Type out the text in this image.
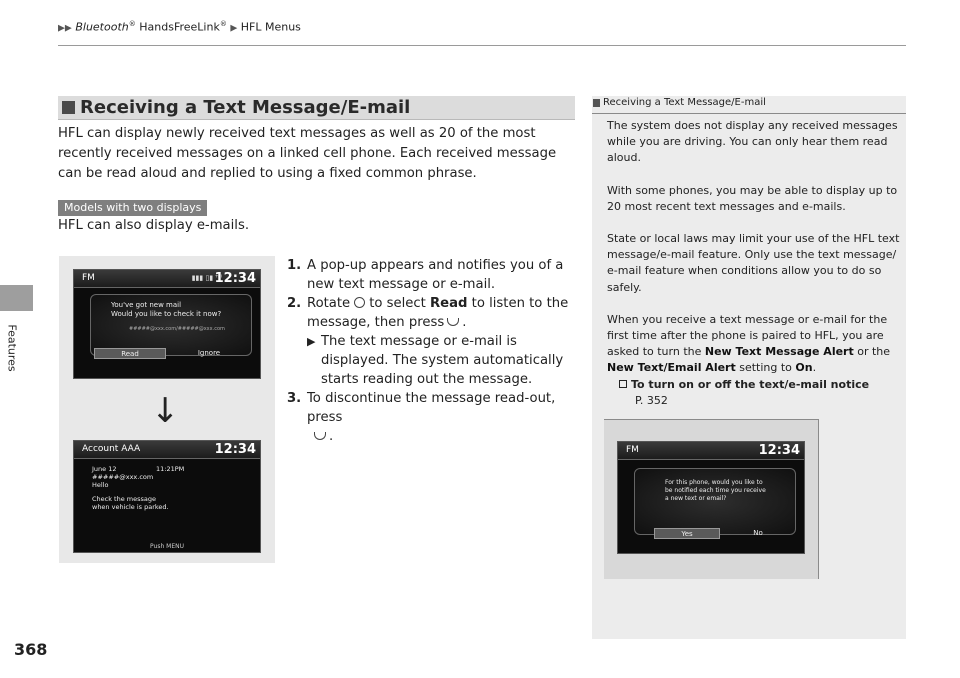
▶▶ Bluetooth® HandsFreeLink® ▶ HFL Menus
Features
368
Receiving a Text Message/E-mail
HFL can display newly received text messages as well as 20 of the most recently received messages on a linked cell phone. Each received message can be read aloud and replied to using a fixed common phrase.
Models with two displays
HFL can also display e-mails.
FM	▮▮▮ ▯▮ ᵀᵃˡ
12:34
You've got new mail
Would you like to check it now?
#####@xxx.com/#####@xxx.com
Read	Ignore
↓
Account AAA	12:34
June 12	11:21PM
#####@xxx.com
Hello
Check the message
when vehicle is parked.
Push MENU
1. A pop-up appears and notifies you of a new text message or e-mail.
2. Rotate to select Read to listen to the message, then press .
▶ The text message or e-mail is displayed. The system automatically starts reading out the message.
3. To discontinue the message read-out, press
.
Receiving a Text Message/E-mail

The system does not display any received messages while you are driving. You can only hear them read aloud.

With some phones, you may be able to display up to 20 most recent text messages and e-mails.

State or local laws may limit your use of the HFL text message/e-mail feature. Only use the text message/ e-mail feature when conditions allow you to do so safely.

When you receive a text message or e-mail for the first time after the phone is paired to HFL, you are asked to turn the New Text Message Alert or the New Text/Email Alert setting to On.
To turn on or off the text/e-mail notice
P. 352
FM	12:34
For this phone, would you like to
be notified each time you receive
a new text or email?
Yes	No
